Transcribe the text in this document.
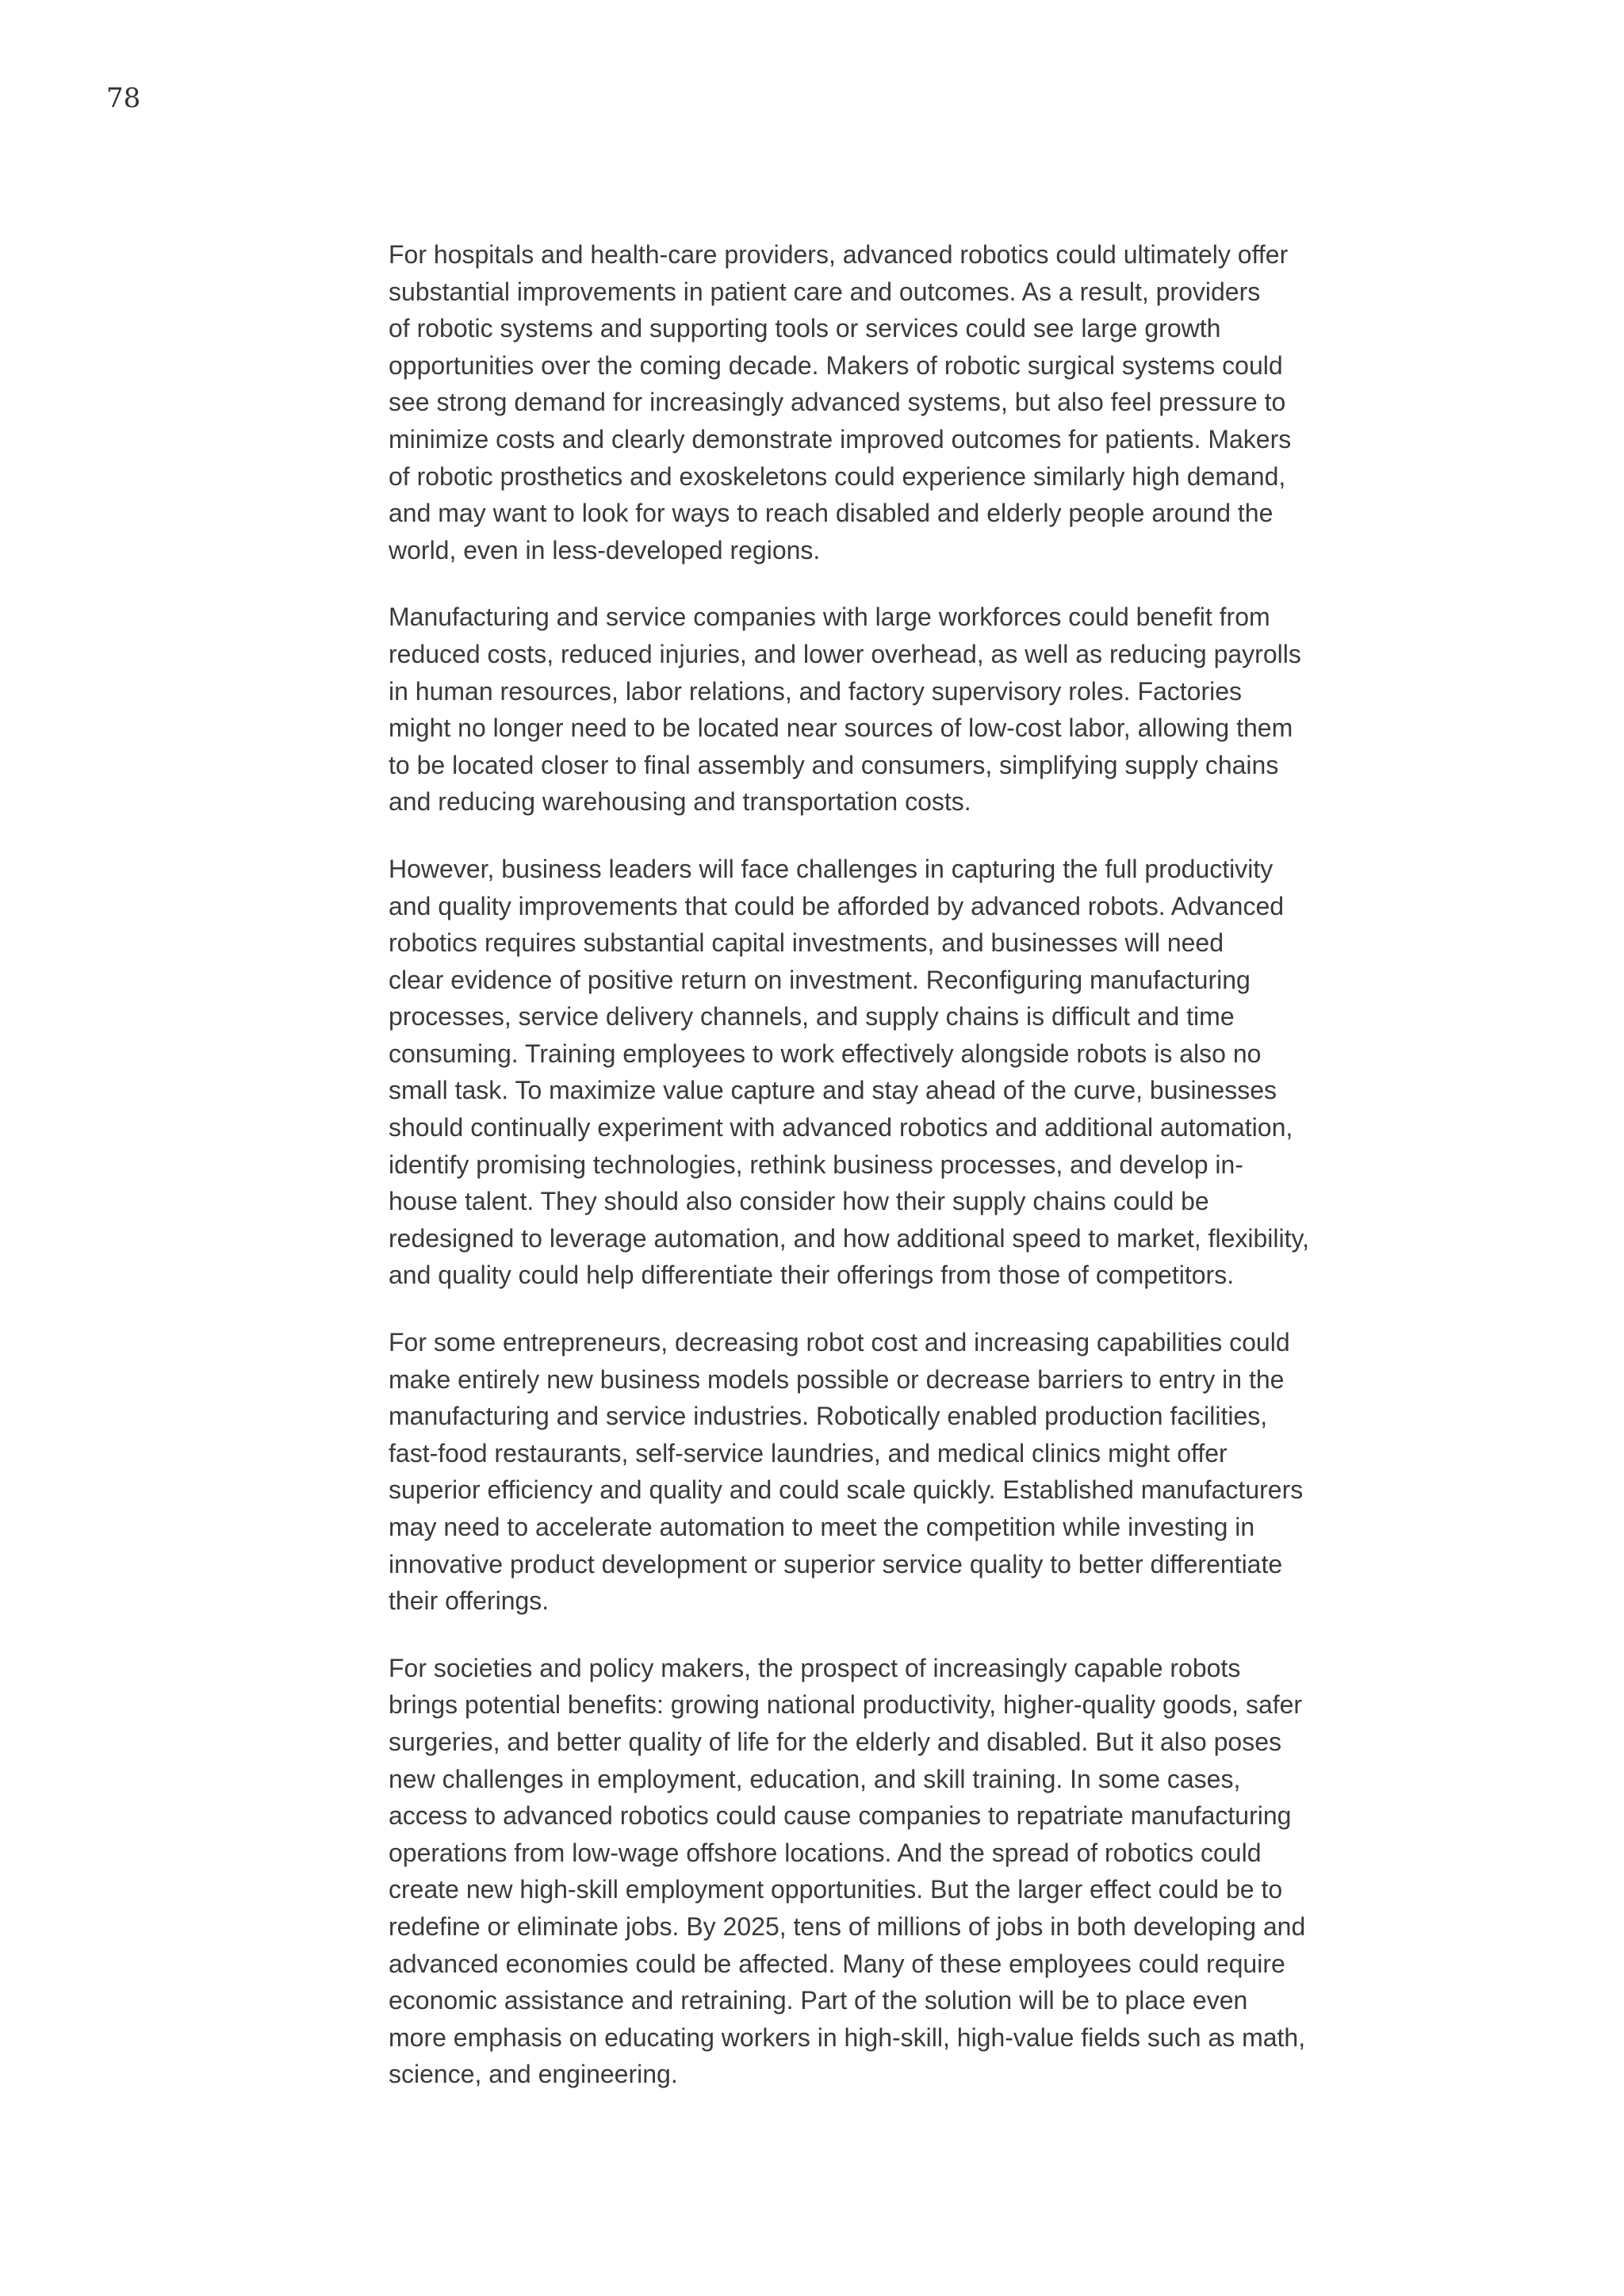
78

For hospitals and health-care providers, advanced robotics could ultimately offer
substantial improvements in patient care and outcomes. As a result, providers
of robotic systems and supporting tools or services could see large growth
opportunities over the coming decade. Makers of robotic surgical systems could
see strong demand for increasingly advanced systems, but also feel pressure to
minimize costs and clearly demonstrate improved outcomes for patients. Makers
of robotic prosthetics and exoskeletons could experience similarly high demand,
and may want to look for ways to reach disabled and elderly people around the
world, even in less-developed regions.

Manufacturing and service companies with large workforces could benefit from
reduced costs, reduced injuries, and lower overhead, as well as reducing payrolls
in human resources, labor relations, and factory supervisory roles. Factories
might no longer need to be located near sources of low-cost labor, allowing them
to be located closer to final assembly and consumers, simplifying supply chains
and reducing warehousing and transportation costs.

However, business leaders will face challenges in capturing the full productivity
and quality improvements that could be afforded by advanced robots. Advanced
robotics requires substantial capital investments, and businesses will need
clear evidence of positive return on investment. Reconfiguring manufacturing
processes, service delivery channels, and supply chains is difficult and time
consuming. Training employees to work effectively alongside robots is also no
small task. To maximize value capture and stay ahead of the curve, businesses
should continually experiment with advanced robotics and additional automation,
identify promising technologies, rethink business processes, and develop in-
house talent. They should also consider how their supply chains could be
redesigned to leverage automation, and how additional speed to market, flexibility,
and quality could help differentiate their offerings from those of competitors.

For some entrepreneurs, decreasing robot cost and increasing capabilities could
make entirely new business models possible or decrease barriers to entry in the
manufacturing and service industries. Robotically enabled production facilities,
fast-food restaurants, self-service laundries, and medical clinics might offer
superior efficiency and quality and could scale quickly. Established manufacturers
may need to accelerate automation to meet the competition while investing in
innovative product development or superior service quality to better differentiate
their offerings.

For societies and policy makers, the prospect of increasingly capable robots
brings potential benefits: growing national productivity, higher-quality goods, safer
surgeries, and better quality of life for the elderly and disabled. But it also poses
new challenges in employment, education, and skill training. In some cases,
access to advanced robotics could cause companies to repatriate manufacturing
operations from low-wage offshore locations. And the spread of robotics could
create new high-skill employment opportunities. But the larger effect could be to
redefine or eliminate jobs. By 2025, tens of millions of jobs in both developing and
advanced economies could be affected. Many of these employees could require
economic assistance and retraining. Part of the solution will be to place even
more emphasis on educating workers in high-skill, high-value fields such as math,
science, and engineering.
